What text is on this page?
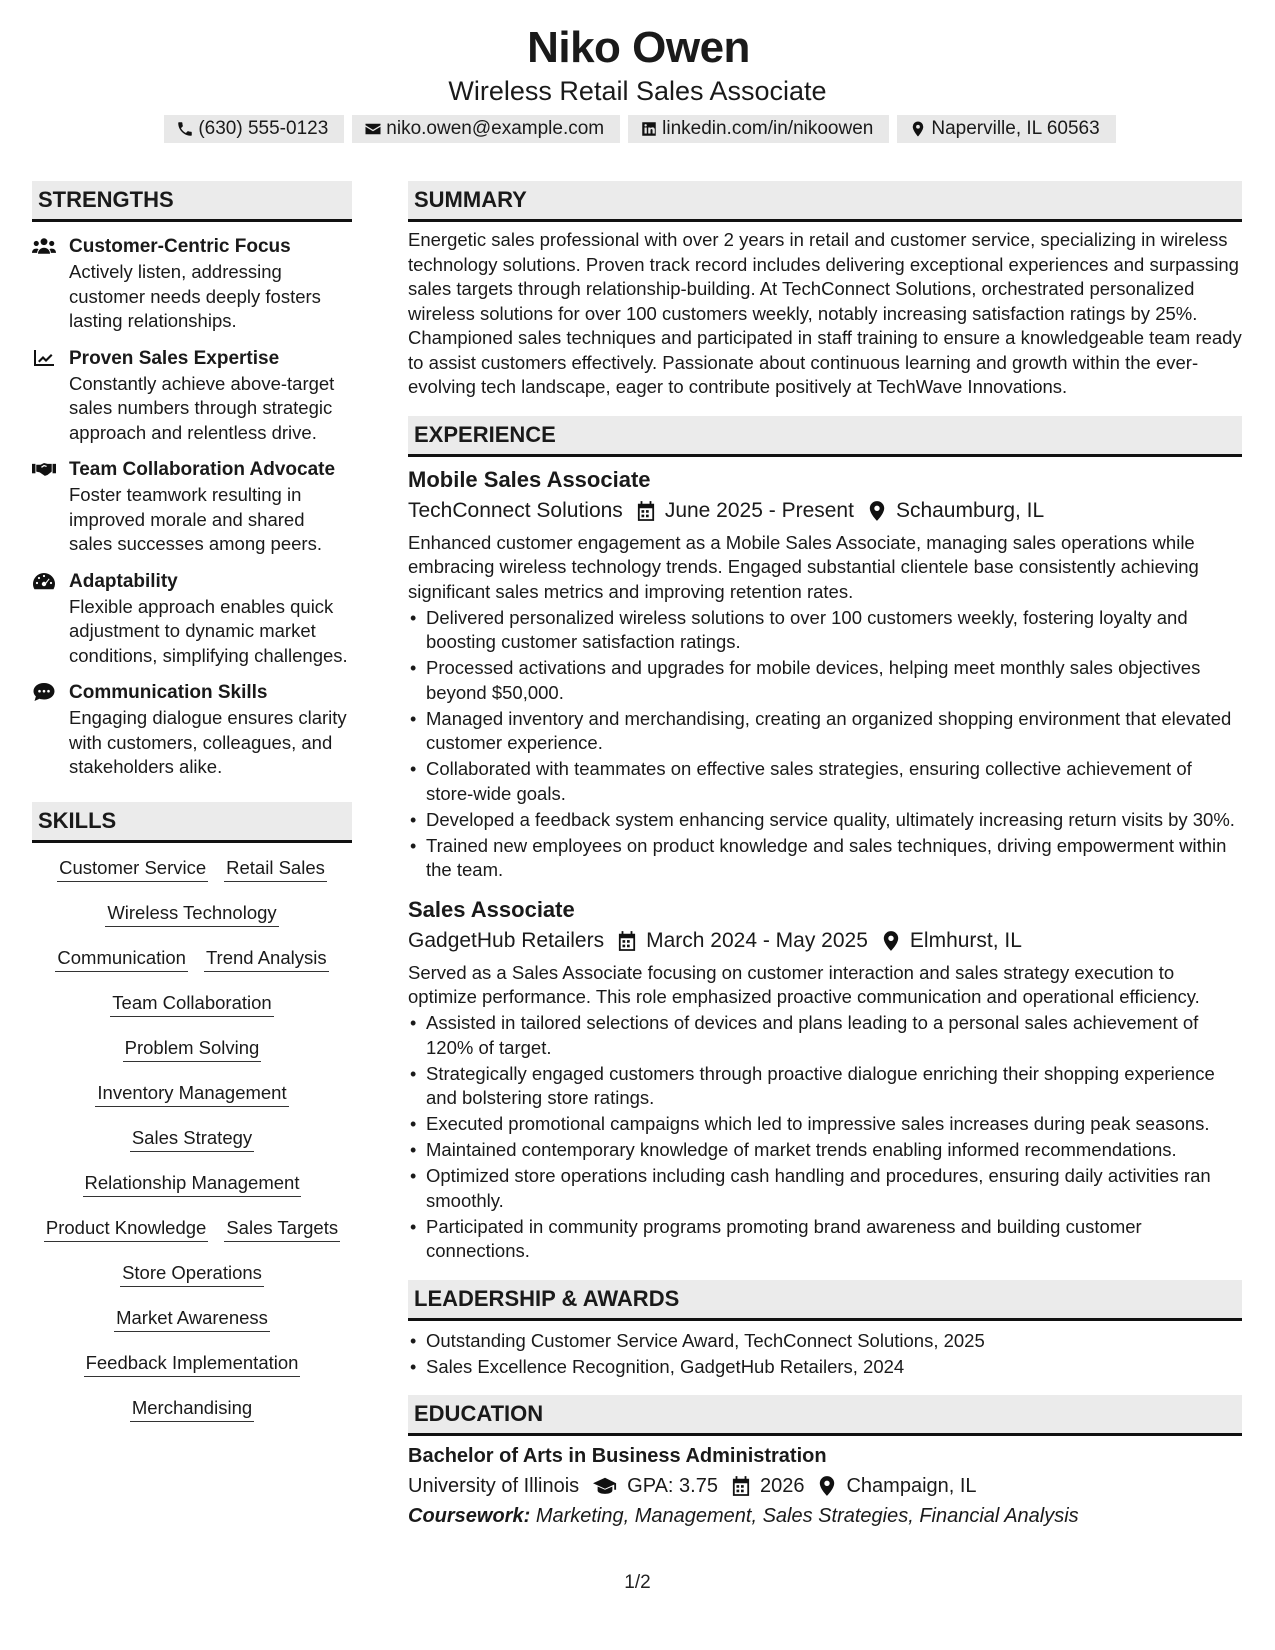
Niko Owen
Wireless Retail Sales Associate
(630) 555-0123	niko.owen@example.com	linkedin.com/in/nikoowen	Naperville, IL 60563
STRENGTHS
Customer-Centric Focus
Actively listen, addressing customer needs deeply fosters lasting relationships.
Proven Sales Expertise
Constantly achieve above-target sales numbers through strategic approach and relentless drive.
Team Collaboration Advocate
Foster teamwork resulting in improved morale and shared sales successes among peers.
Adaptability
Flexible approach enables quick adjustment to dynamic market conditions, simplifying challenges.
Communication Skills
Engaging dialogue ensures clarity with customers, colleagues, and stakeholders alike.
SKILLS
Customer Service Retail Sales
Wireless Technology
Communication Trend Analysis
Team Collaboration
Problem Solving
Inventory Management
Sales Strategy
Relationship Management
Product Knowledge Sales Targets
Store Operations
Market Awareness
Feedback Implementation
Merchandising
SUMMARY
Energetic sales professional with over 2 years in retail and customer service, specializing in wireless technology solutions. Proven track record includes delivering exceptional experiences and surpassing sales targets through relationship-building. At TechConnect Solutions, orchestrated personalized wireless solutions for over 100 customers weekly, notably increasing satisfaction ratings by 25%. Championed sales techniques and participated in staff training to ensure a knowledgeable team ready to assist customers effectively. Passionate about continuous learning and growth within the ever-evolving tech landscape, eager to contribute positively at TechWave Innovations.
EXPERIENCE
Mobile Sales Associate
TechConnect Solutions June 2025 - Present Schaumburg, IL
Enhanced customer engagement as a Mobile Sales Associate, managing sales operations while embracing wireless technology trends. Engaged substantial clientele base consistently achieving significant sales metrics and improving retention rates.
• Delivered personalized wireless solutions to over 100 customers weekly, fostering loyalty and boosting customer satisfaction ratings.
• Processed activations and upgrades for mobile devices, helping meet monthly sales objectives beyond $50,000.
• Managed inventory and merchandising, creating an organized shopping environment that elevated customer experience.
• Collaborated with teammates on effective sales strategies, ensuring collective achievement of store-wide goals.
• Developed a feedback system enhancing service quality, ultimately increasing return visits by 30%.
• Trained new employees on product knowledge and sales techniques, driving empowerment within the team.
Sales Associate
GadgetHub Retailers March 2024 - May 2025 Elmhurst, IL
Served as a Sales Associate focusing on customer interaction and sales strategy execution to optimize performance. This role emphasized proactive communication and operational efficiency.
• Assisted in tailored selections of devices and plans leading to a personal sales achievement of 120% of target.
• Strategically engaged customers through proactive dialogue enriching their shopping experience and bolstering store ratings.
• Executed promotional campaigns which led to impressive sales increases during peak seasons.
• Maintained contemporary knowledge of market trends enabling informed recommendations.
• Optimized store operations including cash handling and procedures, ensuring daily activities ran smoothly.
• Participated in community programs promoting brand awareness and building customer connections.
LEADERSHIP & AWARDS
• Outstanding Customer Service Award, TechConnect Solutions, 2025
• Sales Excellence Recognition, GadgetHub Retailers, 2024
EDUCATION
Bachelor of Arts in Business Administration
University of Illinois GPA: 3.75 2026 Champaign, IL
Coursework: Marketing, Management, Sales Strategies, Financial Analysis
1/2
